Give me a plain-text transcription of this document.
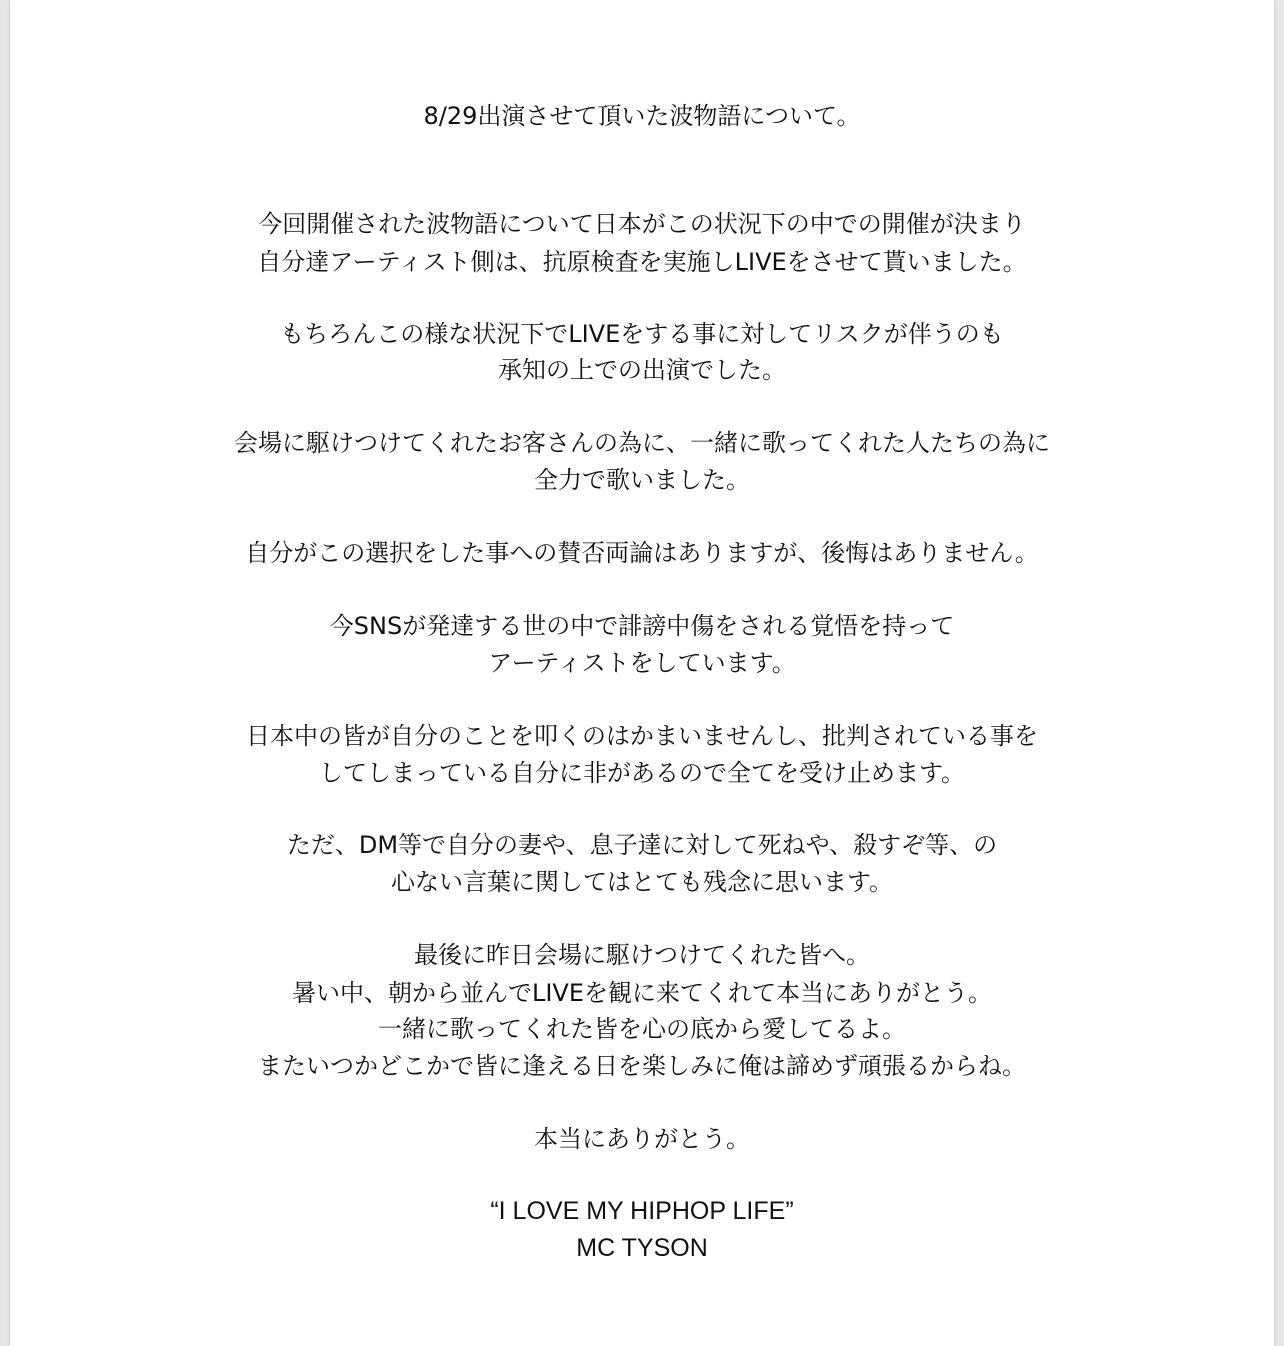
8/29出演させて頂いた波物語について。
今回開催された波物語について日本がこの状況下の中での開催が決まり
自分達アーティスト側は、抗原検査を実施しLIVEをさせて貰いました。
もちろんこの様な状況下でLIVEをする事に対してリスクが伴うのも
承知の上での出演でした。
会場に駆けつけてくれたお客さんの為に、一緒に歌ってくれた人たちの為に
全力で歌いました。
自分がこの選択をした事への賛否両論はありますが、後悔はありません。
今SNSが発達する世の中で誹謗中傷をされる覚悟を持って
アーティストをしています。
日本中の皆が自分のことを叩くのはかまいませんし、批判されている事を
してしまっている自分に非があるので全てを受け止めます。
ただ、DM等で自分の妻や、息子達に対して死ねや、殺すぞ等、の
心ない言葉に関してはとても残念に思います。
最後に昨日会場に駆けつけてくれた皆へ。
暑い中、朝から並んでLIVEを観に来てくれて本当にありがとう。
一緒に歌ってくれた皆を心の底から愛してるよ。
またいつかどこかで皆に逢える日を楽しみに俺は諦めず頑張るからね。
本当にありがとう。
“I LOVE MY HIPHOP LIFE”
MC TYSON
